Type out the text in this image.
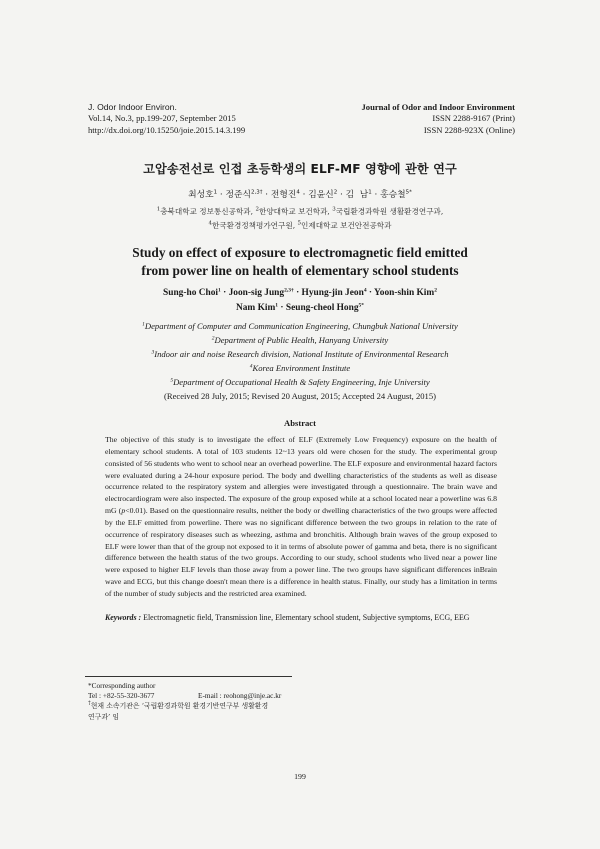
J. Odor Indoor Environ.
Vol.14, No.3, pp.199-207, September 2015
http://dx.doi.org/10.15250/joie.2015.14.3.199
Journal of Odor and Indoor Environment
ISSN 2288-9167 (Print)
ISSN 2288-923X (Online)
고압송전선로 인접 초등학생의 ELF-MF 영향에 관한 연구
최성호$^1$ · 정준식$^{2,3\dagger}$ · 전형진$^4$ · 김윤신$^2$ · 김  남$^1$ · 홍승철$^{5*}$
$^1$충북대학교 정보통신공학과, $^2$한양대학교 보건학과, $^3$국립환경과학원 생활환경연구과,
$^4$한국환경정책평가연구원, $^5$인제대학교 보건안전공학과
Study on effect of exposure to electromagnetic field emitted
from power line on health of elementary school students
Sung-ho Choi$^1$ · Joon-sig Jung$^{2,3\dagger}$ · Hyung-jin Jeon$^4$ · Yoon-shin Kim$^2$
Nam Kim$^1$ · Seung-cheol Hong$^{5*}$
$^1$Department of Computer and Communication Engineering, Chungbuk National University
$^2$Department of Public Health, Hanyang University
$^3$Indoor air and noise Research division, National Institute of Environmental Research
$^4$Korea Environment Institute
$^5$Department of Occupational Health & Safety Engineering, Inje University
(Received 28 July, 2015; Revised 20 August, 2015; Accepted 24 August, 2015)
Abstract
The objective of this study is to investigate the effect of ELF (Extremely Low Frequency) exposure on the health of elementary school students. A total of 103 students 12~13 years old were chosen for the study. The experimental group consisted of 56 students who went to school near an overhead powerline. The ELF exposure and environmental hazard factors were evaluated during a 24-hour exposure period. The body and dwelling characteristics of the students as well as disease occurrence related to the respiratory system and allergies were investigated through a questionnaire. The brain wave and electrocardiogram were also inspected. The exposure of the group exposed while at a school located near a powerline was 6.8 mG (p<0.01). Based on the questionnaire results, neither the body or dwelling characteristics of the two groups were affected by the ELF emitted from powerline. There was no significant difference between the two groups in relation to the rate of occurrence of respiratory diseases such as wheezing, asthma and bronchitis. Although brain waves of the group exposed to ELF were lower than that of the group not exposed to it in terms of absolute power of gamma and beta, there is no significant difference between the health status of the two groups. According to our study, school students who lived near a power line were exposed to higher ELF levels than those away from a power line. The two groups have significant differences inBrain wave and ECG, but this change doesn't mean there is a difference in health status. Finally, our study has a limitation in terms of the number of study subjects and the restricted area examined.
Keywords : Electromagnetic field, Transmission line, Elementary school student, Subjective symptoms, ECG, EEG
*Corresponding author
Tel : +82-55-320-3677	E-mail : reohong@inje.ac.kr
†현재 소속기관은 ‘국립환경과학원 환경기반연구부 생활환경
연구과’ 임
199
